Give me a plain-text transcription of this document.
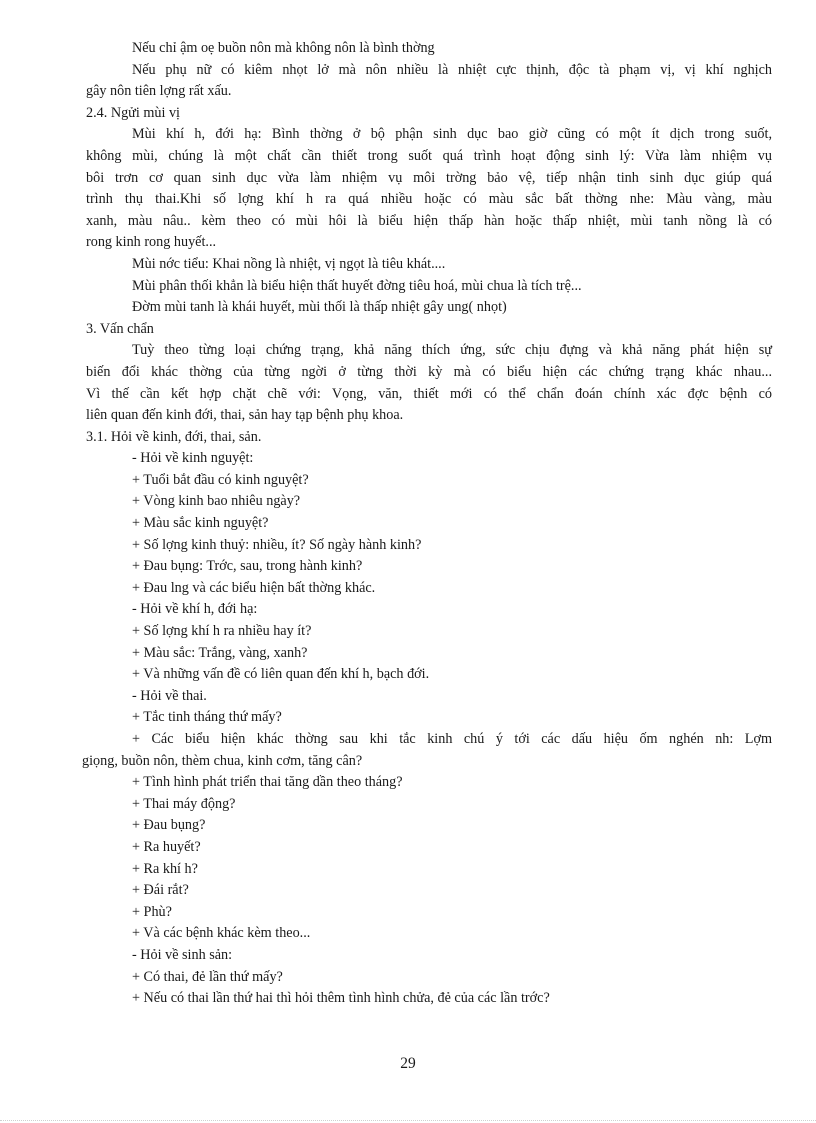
Nếu chỉ ậm oẹ buồn nôn mà không nôn là bình thờng
Nếu phụ nữ có kiêm nhọt lở mà nôn nhiều là nhiệt cực thịnh, độc tà phạm vị, vị khí nghịch
gây nôn tiên lợng rất xấu.
2.4. Ngửi mùi vị
Mùi khí h, đới hạ: Bình thờng ở bộ phận sinh dục bao giờ cũng có một ít dịch trong suốt,
không mùi, chúng là một chất cần thiết trong suốt quá trình hoạt động sinh lý: Vừa làm nhiệm vụ
bôi trơn cơ quan sinh dục vừa làm nhiệm vụ môi trờng bảo vệ, tiếp nhận tinh sinh dục giúp quá
trình thụ thai.Khi số lợng khí h ra quá nhiều hoặc có màu sắc bất thờng nhe: Màu vàng, màu
xanh, màu nâu.. kèm theo có mùi hôi là biểu hiện thấp hàn hoặc thấp nhiệt, mùi tanh nồng là có
rong kinh rong huyết...
Mùi nớc tiểu: Khai nồng là nhiệt, vị ngọt là tiêu khát....
Mùi phân thối khẳn là biểu hiện thất huyết đờng tiêu hoá, mùi chua là tích trệ...
Đờm mùi tanh là khái huyết, mùi thối là thấp nhiệt gây ung( nhọt)
3. Vấn chẩn
Tuỳ theo từng loại chứng trạng, khả năng thích ứng, sức chịu đựng và khả năng phát hiện sự
biến đổi khác thờng của từng ngời ở từng thời kỳ mà có biểu hiện các chứng trạng khác nhau...
Vì thế cần kết hợp chặt chẽ với: Vọng, văn, thiết mới có thể chẩn đoán chính xác đợc bệnh có
liên quan đến kinh đới, thai, sản hay tạp bệnh phụ khoa.
3.1. Hỏi về kinh, đới, thai, sản.
- Hỏi về kinh nguyệt:
+ Tuổi bắt đầu có kinh nguyệt?
+ Vòng kinh bao nhiêu ngày?
+ Màu sắc kinh nguyệt?
+ Số lợng kinh thuỷ: nhiều, ít? Số ngày hành kinh?
+ Đau bụng: Trớc, sau, trong hành kinh?
+ Đau lng và các biểu hiện bất thờng khác.
- Hỏi về khí h, đới hạ:
+ Số lợng khí h ra nhiều hay ít?
+ Màu sắc: Trắng, vàng, xanh?
+ Và những vấn đề có liên quan đến khí h, bạch đới.
- Hỏi về thai.
+ Tắc tinh tháng thứ mấy?
+ Các biểu hiện khác thờng sau khi tắc kinh chú ý tới các dấu hiệu ốm nghén nh: Lợm
giọng, buồn nôn, thèm chua, kinh cơm, tăng cân?
+ Tình hình phát triển thai tăng dần theo tháng?
+ Thai máy động?
+ Đau bụng?
+ Ra huyết?
+ Ra khí h?
+ Đái rắt?
+ Phù?
+ Và các bệnh khác kèm theo...
- Hỏi về sinh sản:
+ Có thai, đẻ lần thứ mấy?
+ Nếu có thai lần thứ hai thì hỏi thêm tình hình chửa, đẻ của các lần trớc?
29
